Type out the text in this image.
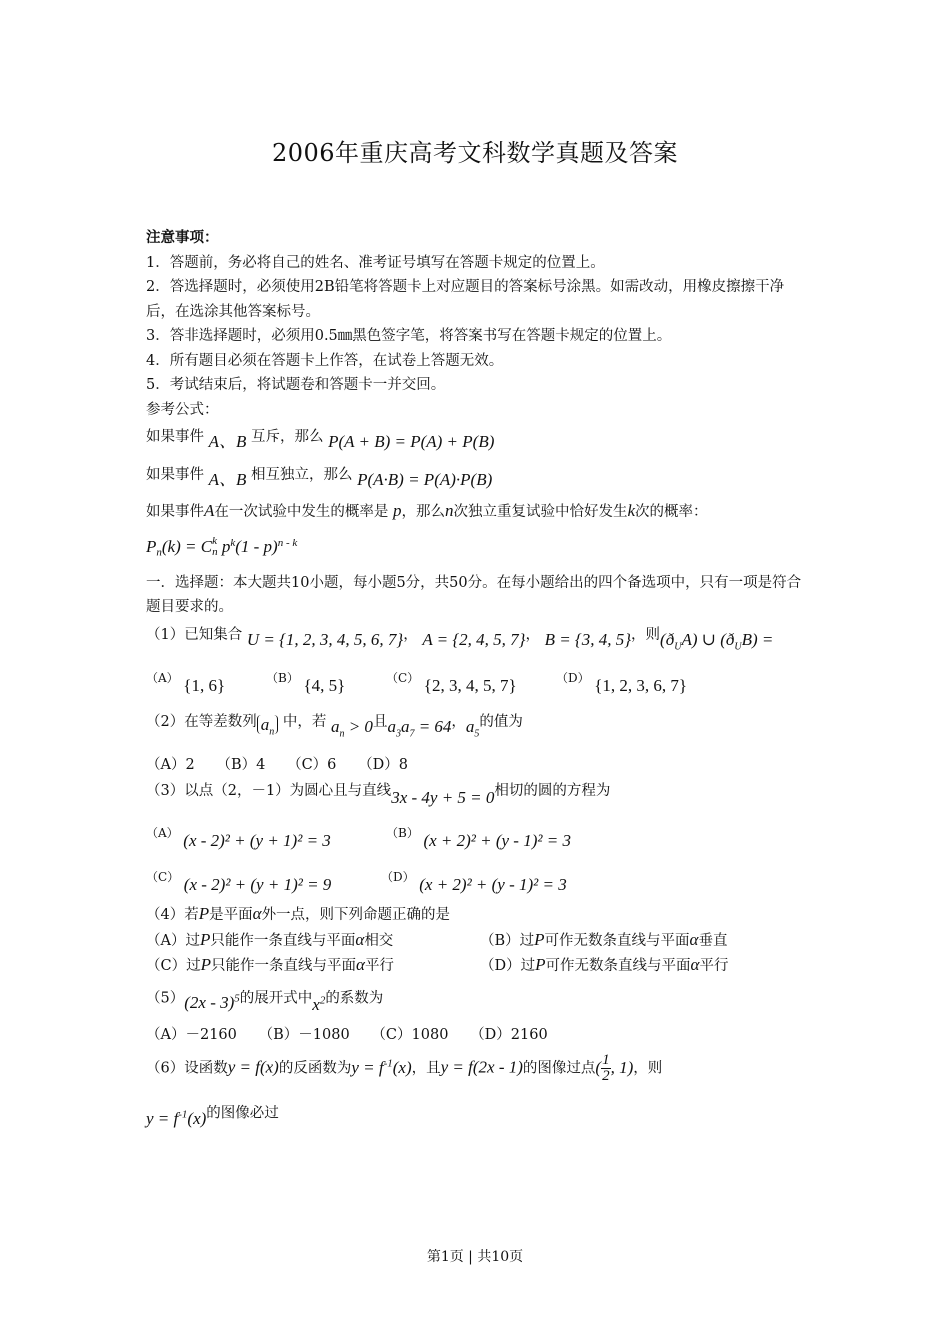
2006年重庆高考文科数学真题及答案
注意事项：
1．答题前，务必将自己的姓名、准考证号填写在答题卡规定的位置上。
2．答选择题时，必须使用2B铅笔将答题卡上对应题目的答案标号涂黑。如需改动，用橡皮擦擦干净后，在选涂其他答案标号。
3．答非选择题时，必须用0.5㎜黑色签字笔，将答案书写在答题卡规定的位置上。
4．所有题目必须在答题卡上作答，在试卷上答题无效。
5．考试结束后，将试题卷和答题卡一并交回。
参考公式：
如果事件 A、B 互斥，那么 P(A + B) = P(A) + P(B)
如果事件 A、B 相互独立，那么 P(A·B) = P(A)·P(B)
如果事件A在一次试验中发生的概率是 p，那么n次独立重复试验中恰好发生k次的概率：
$P_n(k) = C$ k
n $p^k(1 - p)^{n - k}$
一．选择题：本大题共10小题，每小题5分，共50分。在每小题给出的四个备选项中，只有一项是符合题目要求的。
（1）已知集合 U = {1, 2, 3, 4, 5, 6, 7}， A = {2, 4, 5, 7}， B = {3, 4, 5}，则$(ð_UA)$ ∪ $(ð_UB)$ =
$^{(A)}$ {1, 6}	$^{(B)}$ {4, 5}	$^{(C)}$ {2, 3, 4, 5, 7}	$^{(D)}$ {1, 2, 3, 6, 7}
（2）在等差数列 $a_n$ 中，若 $a_n > 0$且$a_3a_7 = 64$，$a_5$的值为
（A）2　　（B）4　　（C）6　　（D）8
（3）以点（2，－1）为圆心且与直线3x - 4y + 5 = 0相切的圆的方程为
$^{(A)}$ (x - 2)² + (y + 1)² = 3	$^{(B)}$ (x + 2)² + (y - 1)² = 3
$^{(C)}$ (x - 2)² + (y + 1)² = 9	$^{(D)}$ (x + 2)² + (y - 1)² = 3
（4）若P是平面α外一点，则下列命题正确的是
（A）过P只能作一条直线与平面α相交	（B）过P可作无数条直线与平面α垂直
（C）过P只能作一条直线与平面α平行	（D）过P可作无数条直线与平面α平行
（5）(2x - 3)$^5$的展开式中$x^2$的系数为
（A）－2160　　（B）－1080　　（C）1080　　（D）2160
（6）设函数y = f(x)的反函数为$y = f^{-1}(x)$，且y = f(2x - 1)的图像过点( $\frac{1}{2}$ , 1)，则
$y = f^{-1}(x)$的图像必过
第1页 | 共10页
